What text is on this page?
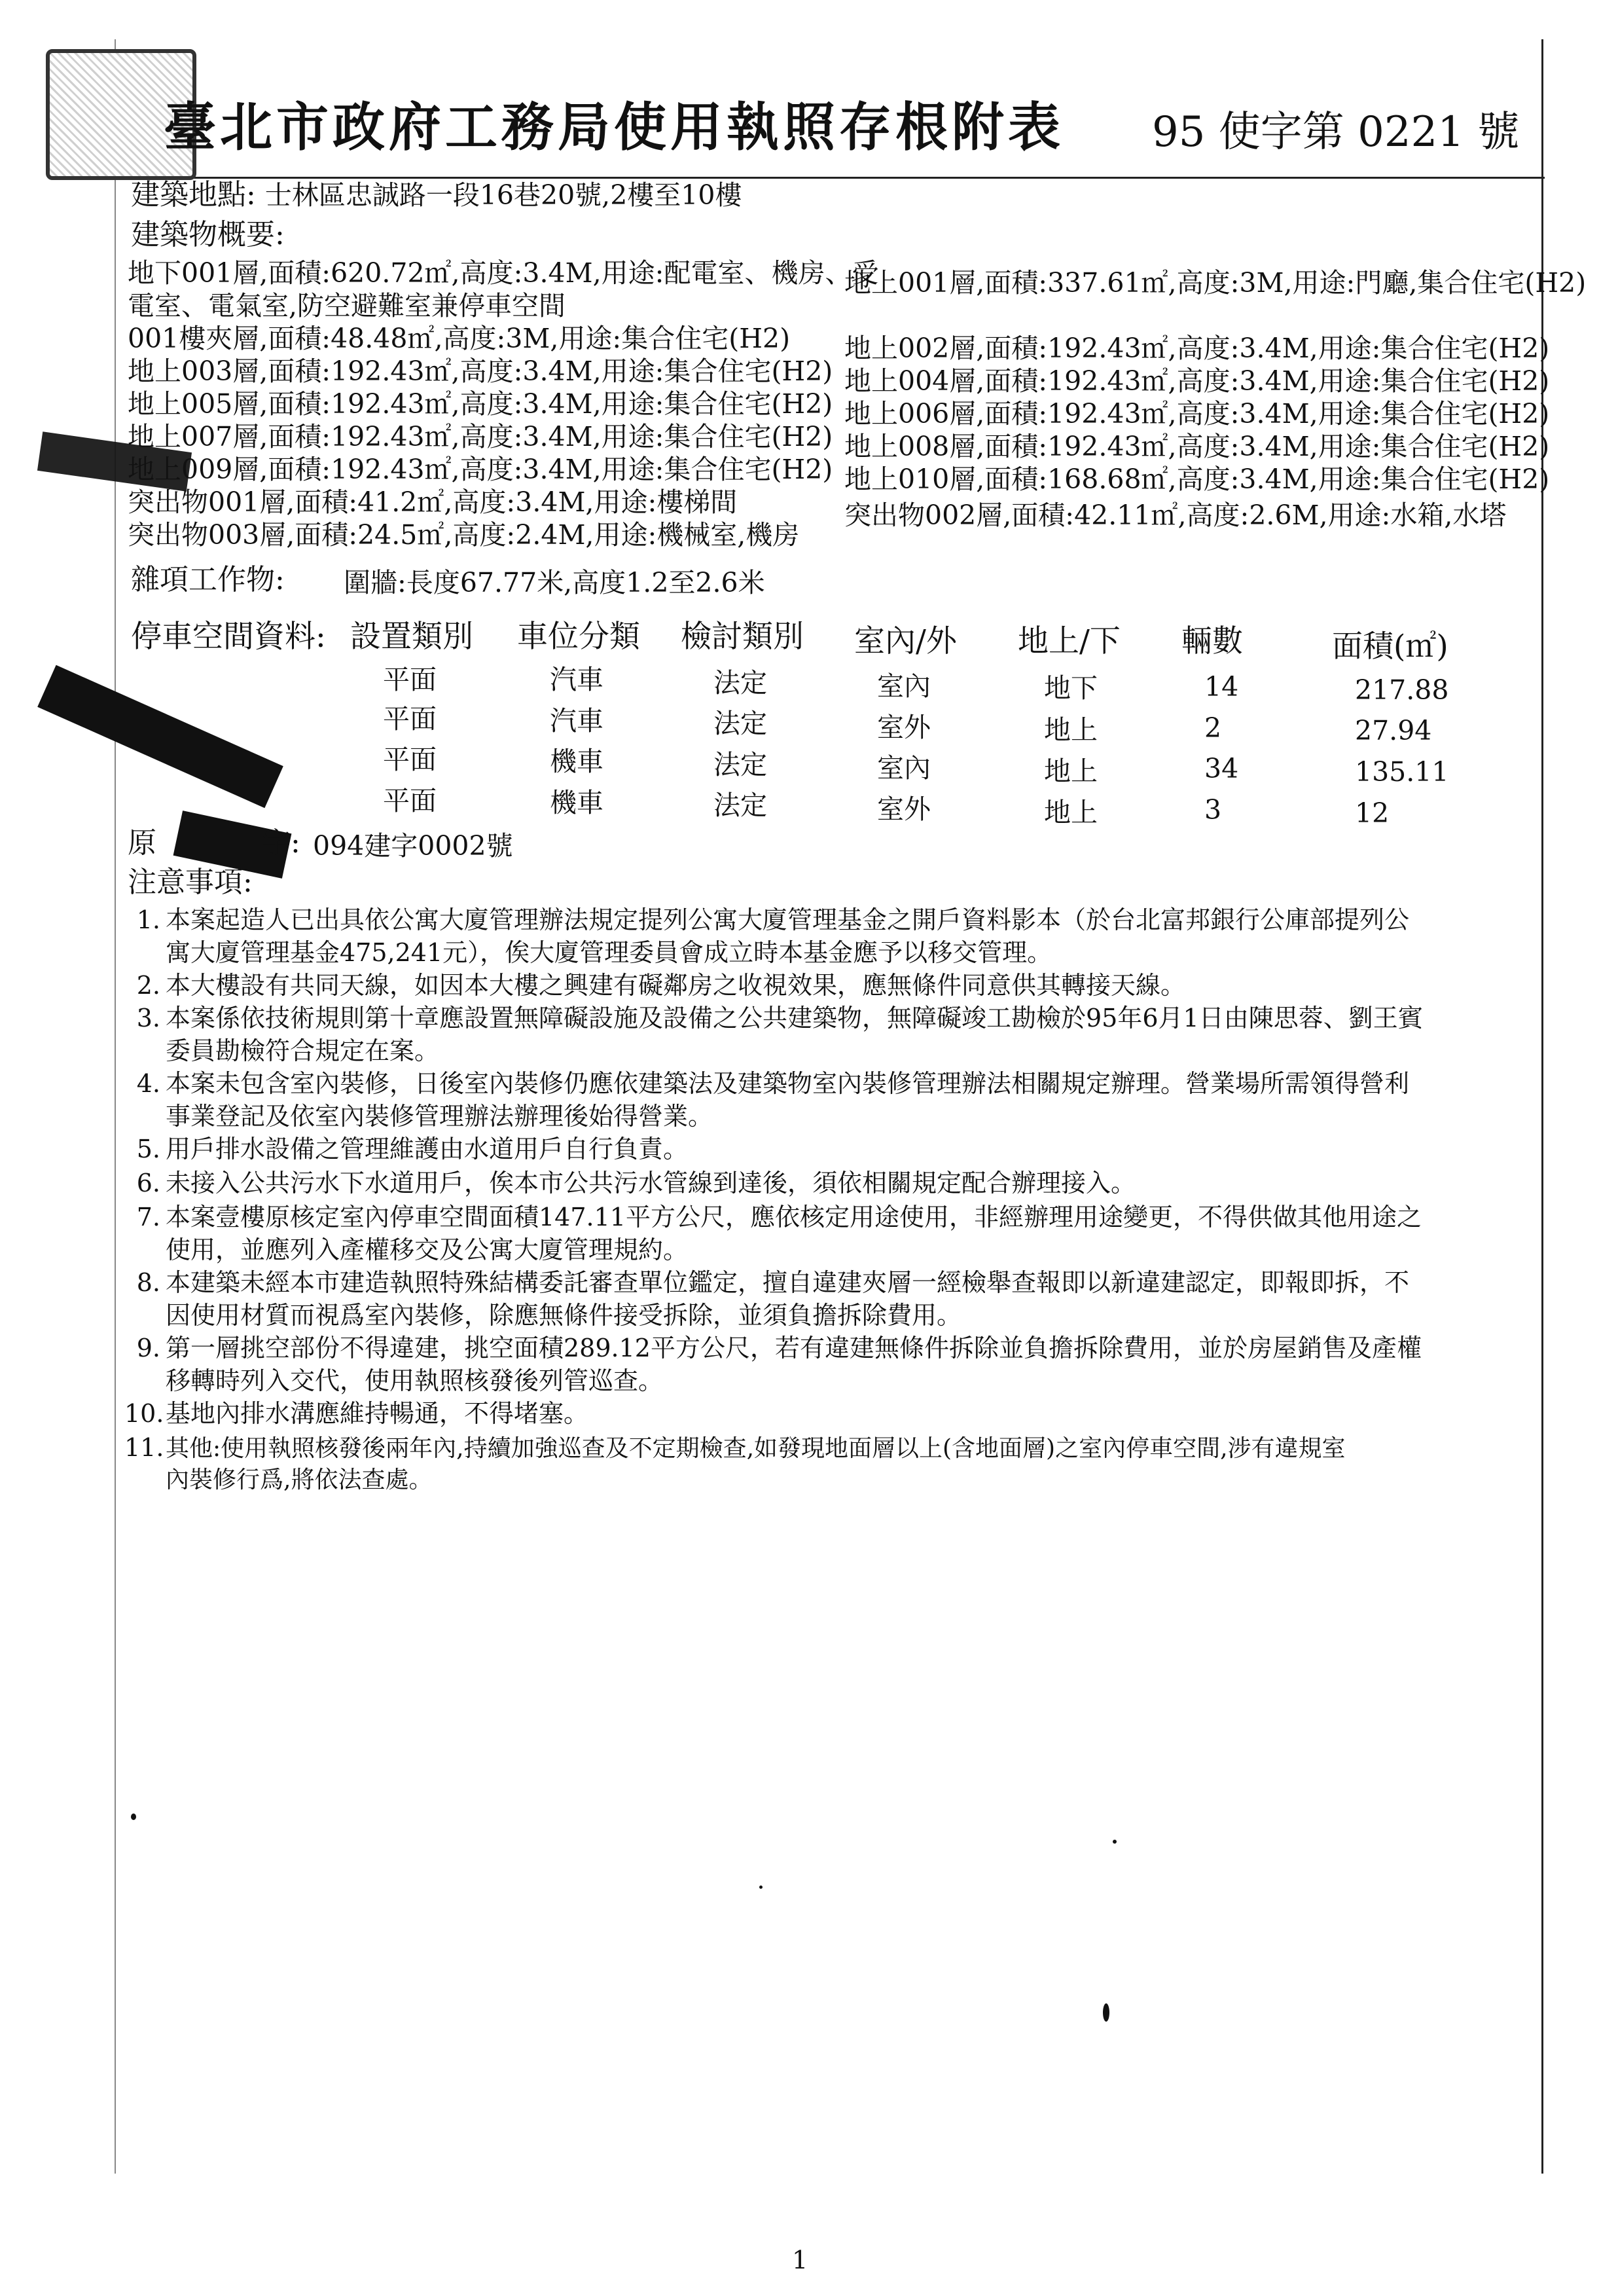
臺北市政府工務局使用執照存根附表 95 使字第 0221 號
建築地點: 士林區忠誠路一段16巷20號,2樓至10樓
建築物概要:
地下001層,面積:620.72㎡,高度:3.4M,用途:配電室、機房、受
電室、電氣室,防空避難室兼停車空間
001樓夾層,面積:48.48㎡,高度:3M,用途:集合住宅(H2)
地上003層,面積:192.43㎡,高度:3.4M,用途:集合住宅(H2)
地上005層,面積:192.43㎡,高度:3.4M,用途:集合住宅(H2)
地上007層,面積:192.43㎡,高度:3.4M,用途:集合住宅(H2)
地上009層,面積:192.43㎡,高度:3.4M,用途:集合住宅(H2)
突出物001層,面積:41.2㎡,高度:3.4M,用途:樓梯間
突出物003層,面積:24.5㎡,高度:2.4M,用途:機械室,機房
地上001層,面積:337.61㎡,高度:3M,用途:門廳,集合住宅(H2)
地上002層,面積:192.43㎡,高度:3.4M,用途:集合住宅(H2)
地上004層,面積:192.43㎡,高度:3.4M,用途:集合住宅(H2)
地上006層,面積:192.43㎡,高度:3.4M,用途:集合住宅(H2)
地上008層,面積:192.43㎡,高度:3.4M,用途:集合住宅(H2)
地上010層,面積:168.68㎡,高度:3.4M,用途:集合住宅(H2)
突出物002層,面積:42.11㎡,高度:2.6M,用途:水箱,水塔
雜項工作物: 圍牆:長度67.77米,高度1.2至2.6米
停車空間資料: 設置類別 車位分類 檢討類別 室內/外 地上/下 輛數	面積(㎡)
平面	汽車	法定	室內	地下	14	217.88
平面	汽車	法定	室外	地上	2	27.94
平面	機車	法定	室內	地上	34	135.11
平面	機車	法定	室外	地上	3	12
原	字: 094建字0002號
注意事項:
1. 本案起造人已出具依公寓大廈管理辦法規定提列公寓大廈管理基金之開戶資料影本（於台北富邦銀行公庫部提列公
寓大廈管理基金475,241元），俟大廈管理委員會成立時本基金應予以移交管理。
2. 本大樓設有共同天線，如因本大樓之興建有礙鄰房之收視效果，應無條件同意供其轉接天線。
3. 本案係依技術規則第十章應設置無障礙設施及設備之公共建築物，無障礙竣工勘檢於95年6月1日由陳思蓉、劉王賓
委員勘檢符合規定在案。
4. 本案未包含室內裝修，日後室內裝修仍應依建築法及建築物室內裝修管理辦法相關規定辦理。營業場所需領得營利
事業登記及依室內裝修管理辦法辦理後始得營業。
5. 用戶排水設備之管理維護由水道用戶自行負責。
6. 未接入公共污水下水道用戶，俟本市公共污水管線到達後，須依相關規定配合辦理接入。
7. 本案壹樓原核定室內停車空間面積147.11平方公尺，應依核定用途使用，非經辦理用途變更，不得供做其他用途之
使用，並應列入產權移交及公寓大廈管理規約。
8. 本建築未經本市建造執照特殊結構委託審查單位鑑定，擅自違建夾層一經檢舉查報即以新違建認定，即報即拆，不
因使用材質而視爲室內裝修，除應無條件接受拆除，並須負擔拆除費用。
9. 第一層挑空部份不得違建，挑空面積289.12平方公尺，若有違建無條件拆除並負擔拆除費用，並於房屋銷售及產權
移轉時列入交代，使用執照核發後列管巡查。
10.基地內排水溝應維持暢通，不得堵塞。
11.其他:使用執照核發後兩年內,持續加強巡查及不定期檢查,如發現地面層以上(含地面層)之室內停車空間,涉有違規室
內裝修行爲,將依法查處。
1
